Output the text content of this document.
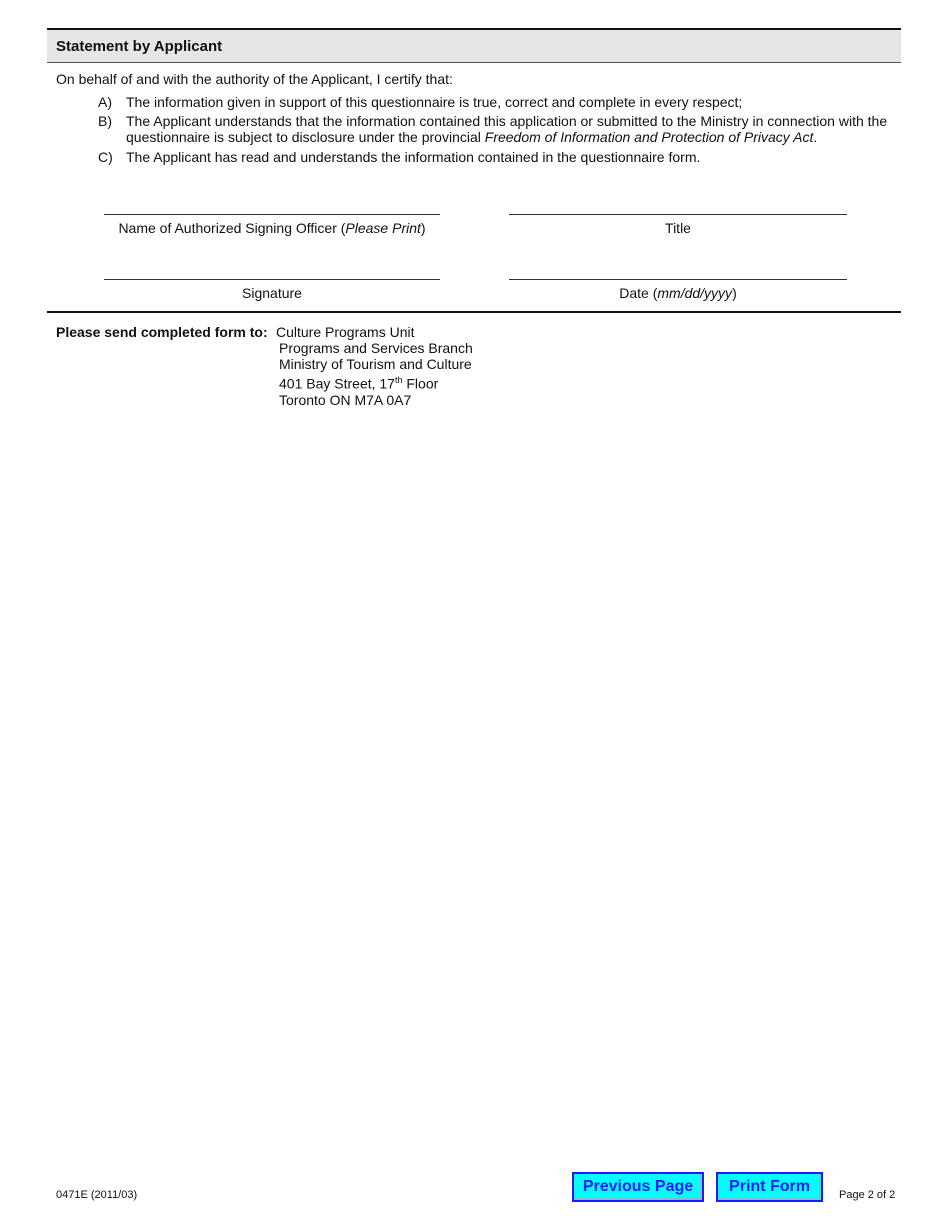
Statement by Applicant
On behalf of and with the authority of the Applicant, I certify that:
A) The information given in support of this questionnaire is true, correct and complete in every respect;
B) The Applicant understands that the information contained this application or submitted to the Ministry in connection with the questionnaire is subject to disclosure under the provincial Freedom of Information and Protection of Privacy Act.
C) The Applicant has read and understands the information contained in the questionnaire form.
Name of Authorized Signing Officer (Please Print)	Title
Signature	Date (mm/dd/yyyy)
Please send completed form to: Culture Programs Unit
Programs and Services Branch
Ministry of Tourism and Culture
401 Bay Street, 17th Floor
Toronto ON M7A 0A7
0471E (2011/03)	Previous Page	Print Form	Page 2 of 2
